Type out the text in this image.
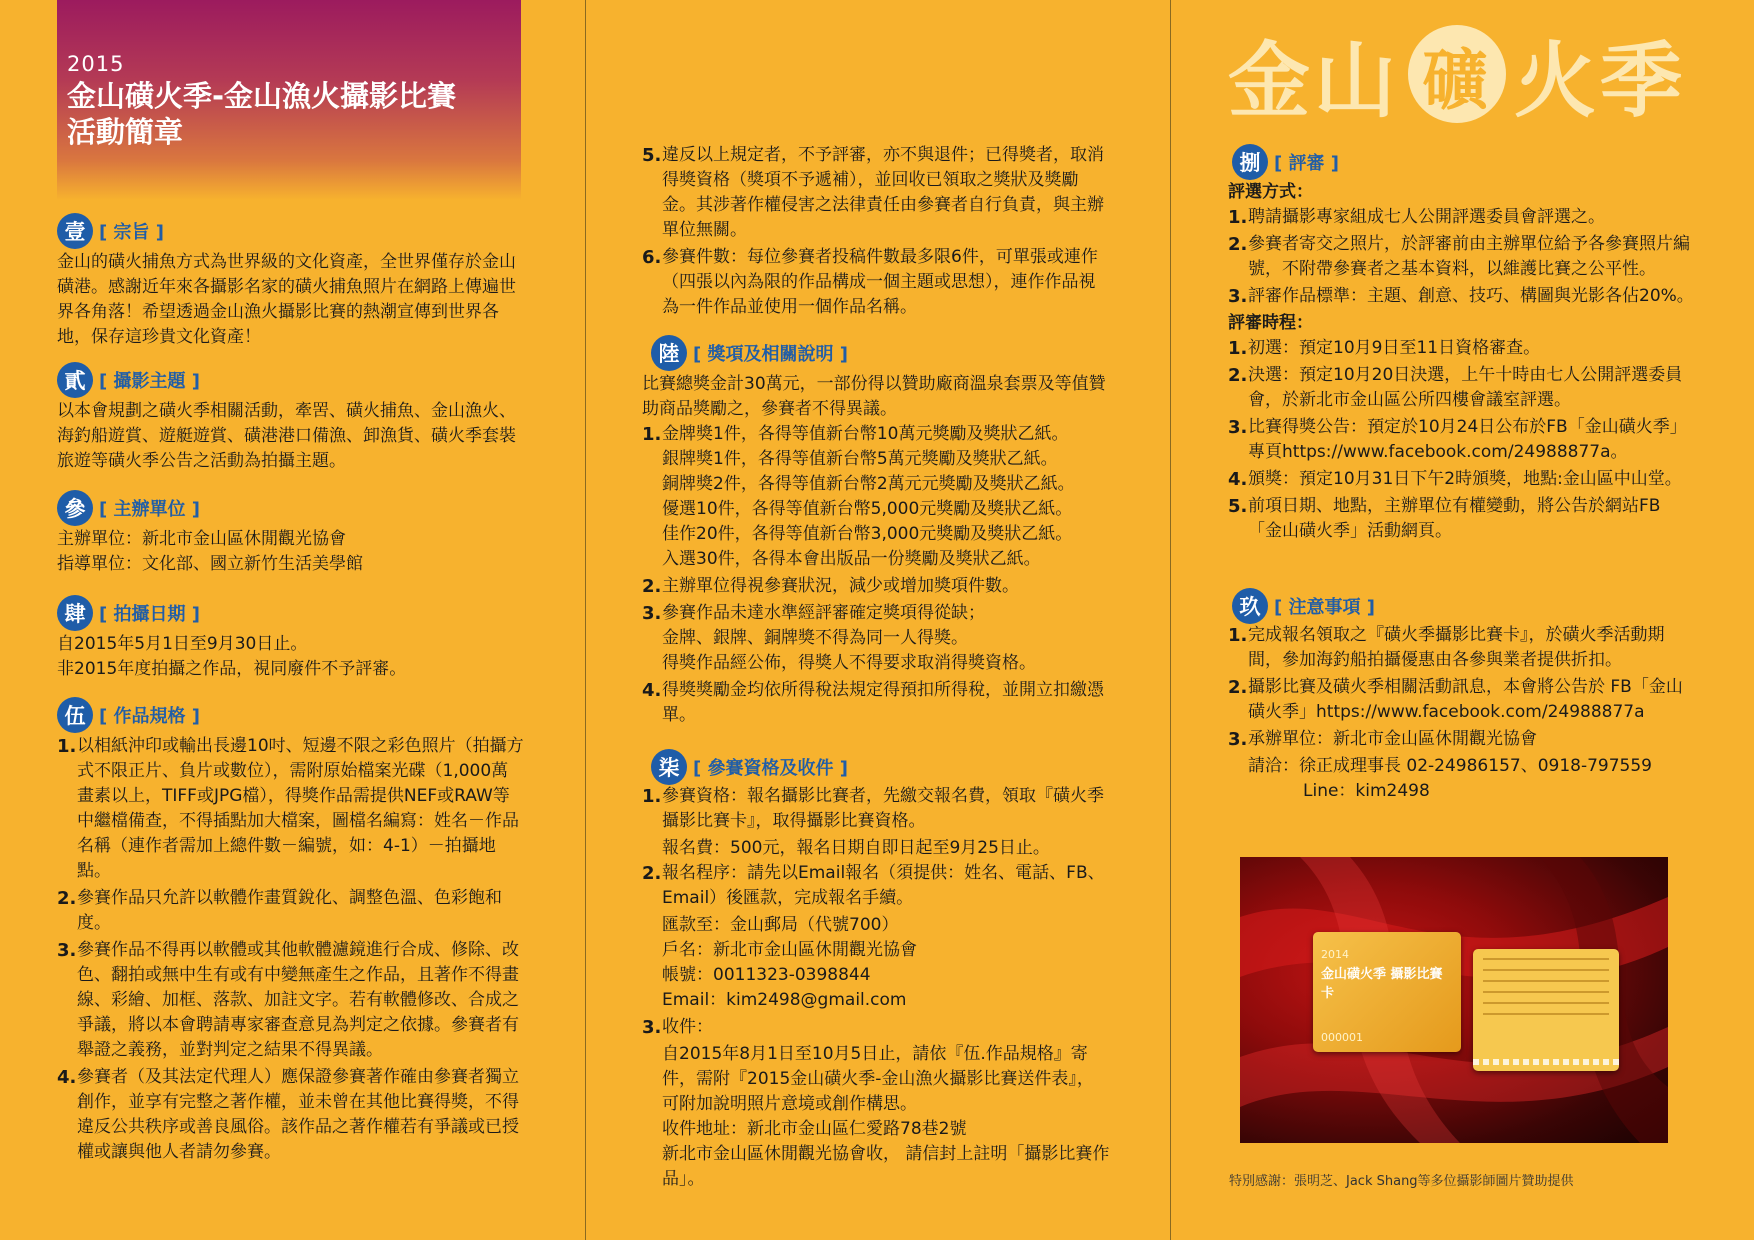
2015
金山磺火季-金山漁火攝影比賽
活動簡章
壹 [ 宗旨 ]

金山的磺火捕魚方式為世界級的文化資產，全世界僅存於金山磺港。感謝近年來各攝影名家的磺火捕魚照片在網路上傳遍世界各角落！希望透過金山漁火攝影比賽的熱潮宣傳到世界各地，保存這珍貴文化資產！

貳 [ 攝影主題 ]

以本會規劃之磺火季相關活動，牽罟、磺火捕魚、金山漁火、海釣船遊賞、遊艇遊賞、磺港港口備漁、卸漁貨、磺火季套裝旅遊等磺火季公告之活動為拍攝主題。

參 [ 主辦單位 ]

主辦單位：新北市金山區休閒觀光協會

指導單位：文化部、國立新竹生活美學館

肆 [ 拍攝日期 ]

自2015年5月1日至9月30日止。

非2015年度拍攝之作品，視同廢件不予評審。

伍 [ 作品規格 ]
1. 以相紙沖印或輸出長邊10吋、短邊不限之彩色照片（拍攝方式不限正片、負片或數位），需附原始檔案光碟（1,000萬畫素以上，TIFF或JPG檔），得獎作品需提供NEF或RAW等中繼檔備查，不得插點加大檔案，圖檔名編寫：姓名－作品名稱（連作者需加上總件數－編號，如：4-1）－拍攝地點。
2. 參賽作品只允許以軟體作畫質銳化、調整色溫、色彩飽和度。
3. 參賽作品不得再以軟體或其他軟體濾鏡進行合成、修除、改色、翻拍或無中生有或有中變無產生之作品，且著作不得畫線、彩繪、加框、落款、加註文字。若有軟體修改、合成之爭議，將以本會聘請專家審查意見為判定之依據。參賽者有舉證之義務，並對判定之結果不得異議。
4. 參賽者（及其法定代理人）應保證參賽著作確由參賽者獨立創作，並享有完整之著作權，並未曾在其他比賽得獎，不得違反公共秩序或善良風俗。該作品之著作權若有爭議或已授權或讓與他人者請勿參賽。
5. 違反以上規定者，不予評審，亦不與退件；已得獎者，取消得獎資格（獎項不予遞補），並回收已領取之獎狀及獎勵金。其涉著作權侵害之法律責任由參賽者自行負責，與主辦單位無關。
6. 參賽件數：每位參賽者投稿件數最多限6件，可單張或連作（四張以內為限的作品構成一個主題或思想），連作作品視為一件作品並使用一個作品名稱。
陸 [ 獎項及相關說明 ]

比賽總獎金計30萬元，一部份得以贊助廠商溫泉套票及等值贊助商品獎勵之，參賽者不得異議。

1. 金牌獎1件，各得等值新台幣10萬元獎勵及獎狀乙紙。
銀牌獎1件，各得等值新台幣5萬元獎勵及獎狀乙紙。
銅牌獎2件，各得等值新台幣2萬元元獎勵及獎狀乙紙。
優選10件，各得等值新台幣5,000元獎勵及獎狀乙紙。
佳作20件，各得等值新台幣3,000元獎勵及獎狀乙紙。
入選30件，各得本會出版品一份獎勵及獎狀乙紙。
2. 主辦單位得視參賽狀況，減少或增加獎項件數。
3. 參賽作品未達水準經評審確定獎項得從缺；
金牌、銀牌、銅牌獎不得為同一人得獎。
得獎作品經公佈，得獎人不得要求取消得獎資格。
4. 得獎獎勵金均依所得稅法規定得預扣所得稅，並開立扣繳憑單。
柒 [ 參賽資格及收件 ]
1. 參賽資格：報名攝影比賽者，先繳交報名費，領取『磺火季攝影比賽卡』，取得攝影比賽資格。
報名費：500元，報名日期自即日起至9月25日止。
2. 報名程序：請先以Email報名（須提供：姓名、電話、FB、Email）後匯款，完成報名手續。
匯款至：金山郵局（代號700）
戶名：新北市金山區休閒觀光協會
帳號：0011323-0398844
Email：kim2498@gmail.com
3. 收件：
自2015年8月1日至10月5日止，請依『伍.作品規格』寄件，需附『2015金山磺火季-金山漁火攝影比賽送件表』，可附加說明照片意境或創作構思。
收件地址：新北市金山區仁愛路78巷2號
新北市金山區休閒觀光協會收， 請信封上註明「攝影比賽作品」。
金山 礦 火季
捌 [ 評審 ]
評選方式：
1. 聘請攝影專家組成七人公開評選委員會評選之。
2. 參賽者寄交之照片，於評審前由主辦單位給予各參賽照片編號，不附帶參賽者之基本資料，以維護比賽之公平性。
3. 評審作品標準：主題、創意、技巧、構圖與光影各佔20%。
評審時程：
1. 初選：預定10月9日至11日資格審查。
2. 決選：預定10月20日決選，上午十時由七人公開評選委員會，於新北市金山區公所四樓會議室評選。
3. 比賽得獎公告：預定於10月24日公布於FB「金山磺火季」專頁https://www.facebook.com/24988877a。
4. 頒獎：預定10月31日下午2時頒獎，地點:金山區中山堂。
5. 前項日期、地點，主辦單位有權變動，將公告於網站FB「金山磺火季」活動網頁。
玖 [ 注意事項 ]
1. 完成報名領取之『磺火季攝影比賽卡』，於磺火季活動期間，參加海釣船拍攝優惠由各參與業者提供折扣。
2. 攝影比賽及磺火季相關活動訊息，本會將公告於 FB「金山磺火季」https://www.facebook.com/24988877a
3. 承辦單位：新北市金山區休閒觀光協會
請洽：徐正成理事長 02-24986157、0918-797559
Line：kim2498
2014
金山磺火季 攝影比賽卡
000001
特別感謝：張明芝、Jack Shang等多位攝影師圖片贊助提供
